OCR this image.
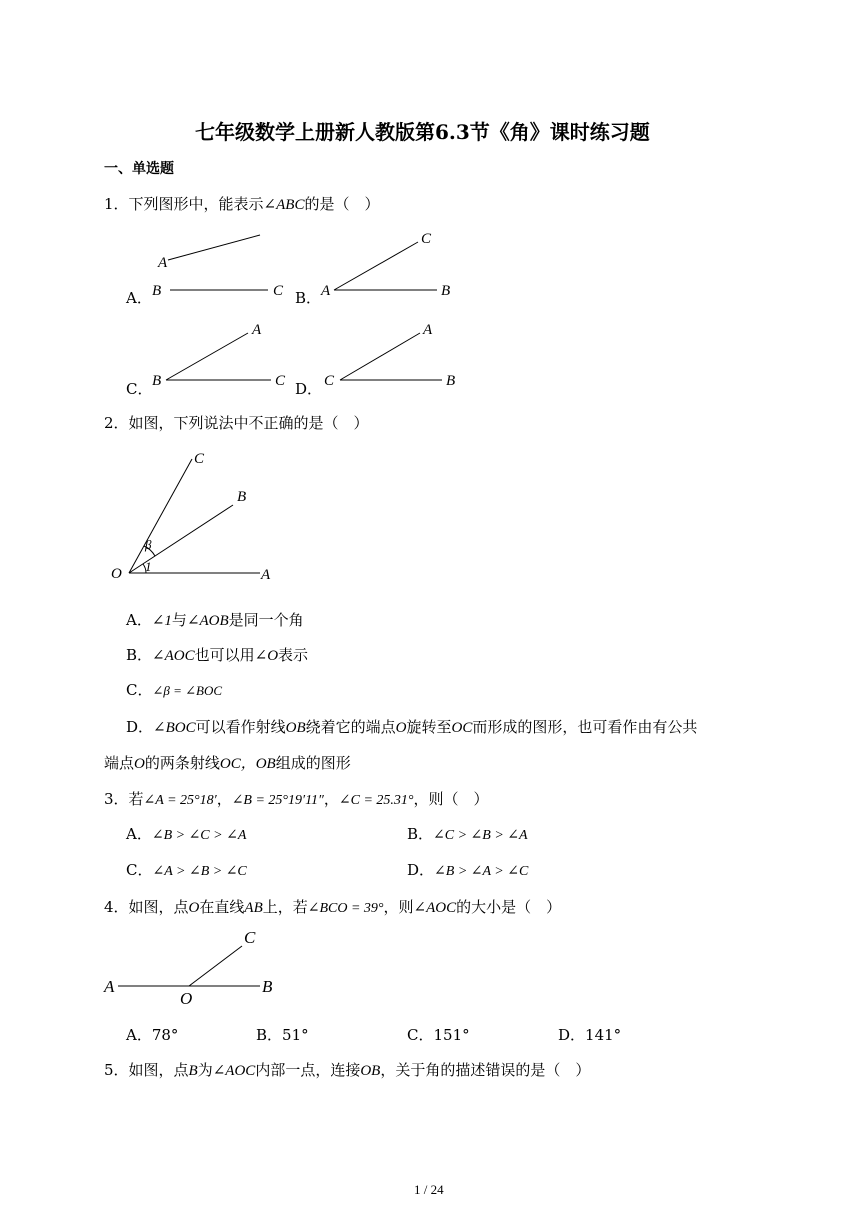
七年级数学上册新人教版第6.3节《角》课时练习题
一、单选题
1．下列图形中，能表示∠ABC的是（　）
A．	B．
C．	D．
A
B	C
C
A	B
A
B	C
A
C	B
2．如图，下列说法中不正确的是（　）
C
B
O	A
β
1
A．∠1与∠AOB是同一个角
B．∠AOC也可以用∠O表示
C．∠β = ∠BOC
D．∠BOC可以看作射线OB绕着它的端点O旋转至OC而形成的图形，也可看作由有公共
端点O的两条射线OC，OB组成的图形
3．若∠A = 25°18′，∠B = 25°19′11″，∠C = 25.31°，则（　）
A．∠B > ∠C > ∠A	B．∠C > ∠B > ∠A
C．∠A > ∠B > ∠C	D．∠B > ∠A > ∠C
4．如图，点O在直线AB上，若∠BCO = 39°，则∠AOC的大小是（　）
A
O
B
C
A．78°	B．51°	C．151°	D．141°
5．如图，点B为∠AOC内部一点，连接OB，关于角的描述错误的是（　）
1 / 24
